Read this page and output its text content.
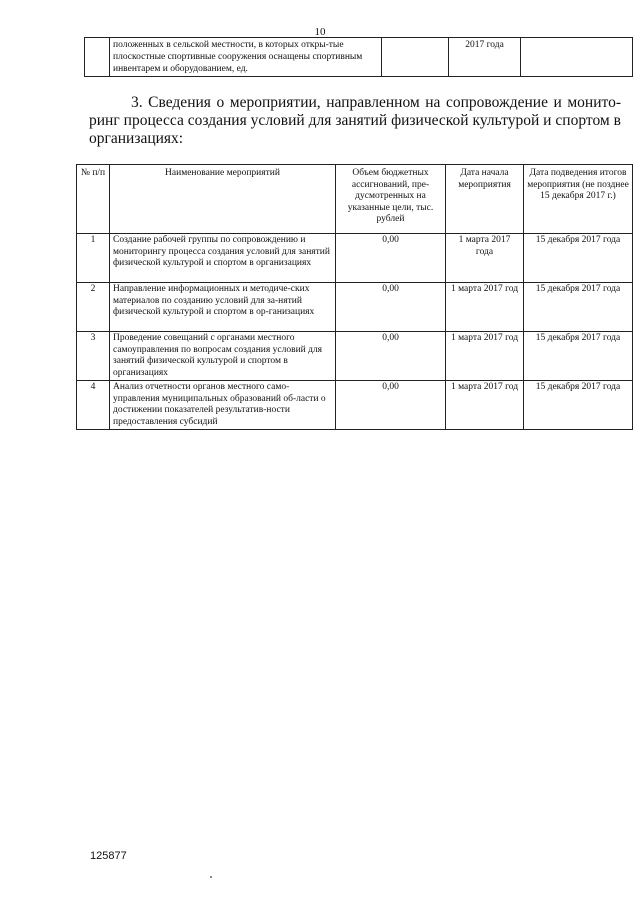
10
	положенных в сельской местности, в которых откры-тые плоскостные спортивные сооружения оснащены спортивным инвентарем и оборудованием, ед.		2017 года	

3. Сведения о мероприятии, направленном на сопровождение и монито-ринг процесса создания условий для занятий физической культурой и спортом в организациях:

№ п/п	Наименование мероприятий	Объем бюджетных ассигнований, пре-дусмотренных на указанные цели, тыс. рублей	Дата начала мероприятия	Дата подведения итогов мероприятия (не позднее 15 декабря 2017 г.)
1	Создание рабочей группы по сопровождению и мониторингу процесса создания условий для занятий физической культурой и спортом в организациях	0,00	1 марта 2017 года	15 декабря 2017 года
2	Направление информационных и методиче-ских материалов по созданию условий для за-нятий физической культурой и спортом в ор-ганизациях	0,00	1 марта 2017 год	15 декабря 2017 года
3	Проведение совещаний с органами местного самоуправления по вопросам создания условий для занятий физической культурой и спортом в организациях	0,00	1 марта 2017 год	15 декабря 2017 года
4	Анализ отчетности органов местного само-управления муниципальных образований об-ласти о достижении показателей результатив-ности предоставления субсидий	0,00	1 марта 2017 год	15 декабря 2017 года
125877
